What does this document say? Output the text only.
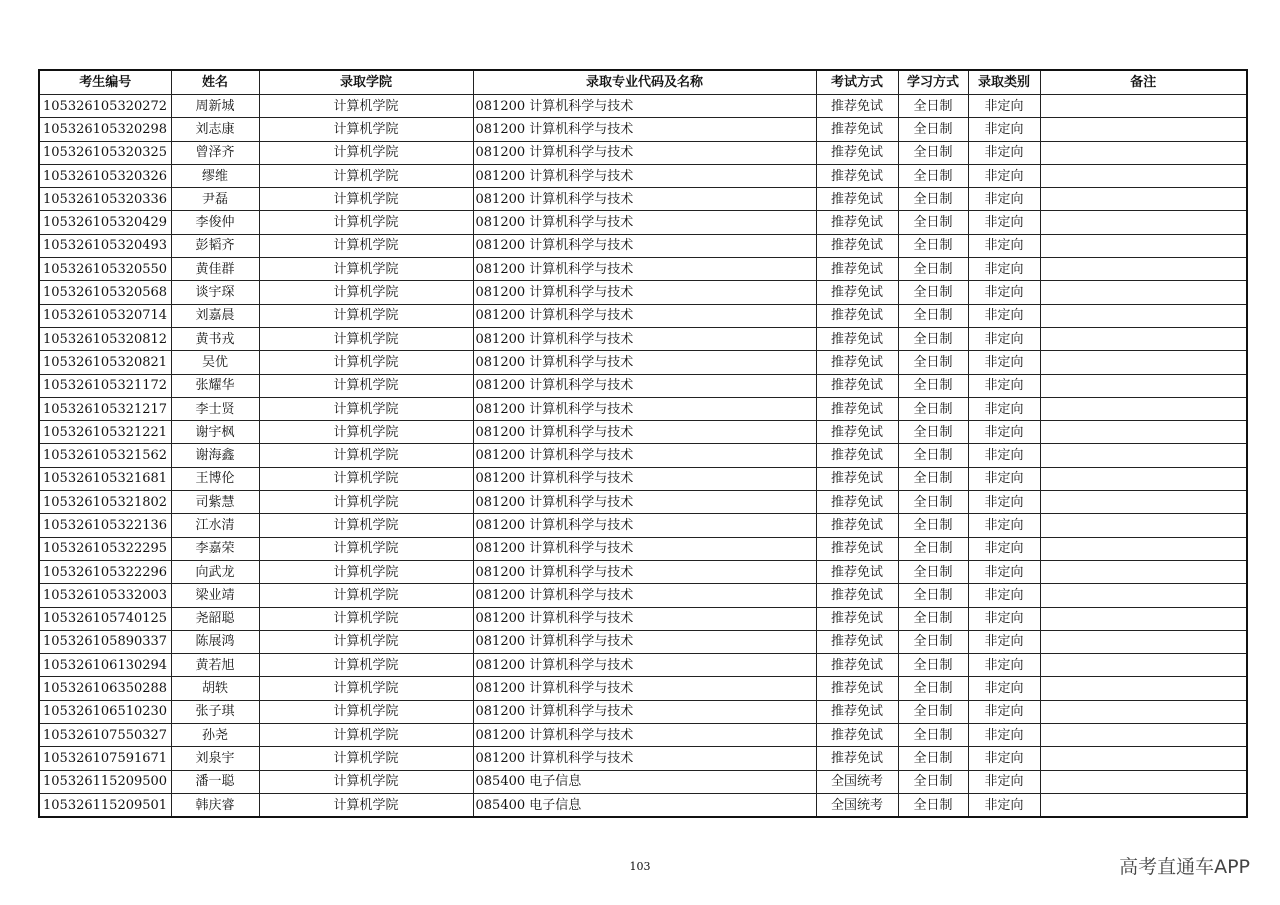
考生编号	姓名	录取学院	录取专业代码及名称	考试方式	学习方式	录取类别	备注
105326105320272	周新城	计算机学院	081200 计算机科学与技术	推荐免试	全日制	非定向	
105326105320298	刘志康	计算机学院	081200 计算机科学与技术	推荐免试	全日制	非定向	
105326105320325	曾泽齐	计算机学院	081200 计算机科学与技术	推荐免试	全日制	非定向	
105326105320326	缪维	计算机学院	081200 计算机科学与技术	推荐免试	全日制	非定向	
105326105320336	尹磊	计算机学院	081200 计算机科学与技术	推荐免试	全日制	非定向	
105326105320429	李俊仲	计算机学院	081200 计算机科学与技术	推荐免试	全日制	非定向	
105326105320493	彭韬齐	计算机学院	081200 计算机科学与技术	推荐免试	全日制	非定向	
105326105320550	黄佳群	计算机学院	081200 计算机科学与技术	推荐免试	全日制	非定向	
105326105320568	谈宇琛	计算机学院	081200 计算机科学与技术	推荐免试	全日制	非定向	
105326105320714	刘嘉晨	计算机学院	081200 计算机科学与技术	推荐免试	全日制	非定向	
105326105320812	黄书戎	计算机学院	081200 计算机科学与技术	推荐免试	全日制	非定向	
105326105320821	吴优	计算机学院	081200 计算机科学与技术	推荐免试	全日制	非定向	
105326105321172	张耀华	计算机学院	081200 计算机科学与技术	推荐免试	全日制	非定向	
105326105321217	李士贤	计算机学院	081200 计算机科学与技术	推荐免试	全日制	非定向	
105326105321221	谢宇枫	计算机学院	081200 计算机科学与技术	推荐免试	全日制	非定向	
105326105321562	谢海鑫	计算机学院	081200 计算机科学与技术	推荐免试	全日制	非定向	
105326105321681	王博伦	计算机学院	081200 计算机科学与技术	推荐免试	全日制	非定向	
105326105321802	司紫慧	计算机学院	081200 计算机科学与技术	推荐免试	全日制	非定向	
105326105322136	江水清	计算机学院	081200 计算机科学与技术	推荐免试	全日制	非定向	
105326105322295	李嘉荣	计算机学院	081200 计算机科学与技术	推荐免试	全日制	非定向	
105326105322296	向武龙	计算机学院	081200 计算机科学与技术	推荐免试	全日制	非定向	
105326105332003	梁业靖	计算机学院	081200 计算机科学与技术	推荐免试	全日制	非定向	
105326105740125	尧韶聪	计算机学院	081200 计算机科学与技术	推荐免试	全日制	非定向	
105326105890337	陈展鸿	计算机学院	081200 计算机科学与技术	推荐免试	全日制	非定向	
105326106130294	黄若旭	计算机学院	081200 计算机科学与技术	推荐免试	全日制	非定向	
105326106350288	胡轶	计算机学院	081200 计算机科学与技术	推荐免试	全日制	非定向	
105326106510230	张子琪	计算机学院	081200 计算机科学与技术	推荐免试	全日制	非定向	
105326107550327	孙尧	计算机学院	081200 计算机科学与技术	推荐免试	全日制	非定向	
105326107591671	刘泉宇	计算机学院	081200 计算机科学与技术	推荐免试	全日制	非定向	
105326115209500	潘一聪	计算机学院	085400 电子信息	全国统考	全日制	非定向	
105326115209501	韩庆睿	计算机学院	085400 电子信息	全国统考	全日制	非定向	
103	高考直通车APP
